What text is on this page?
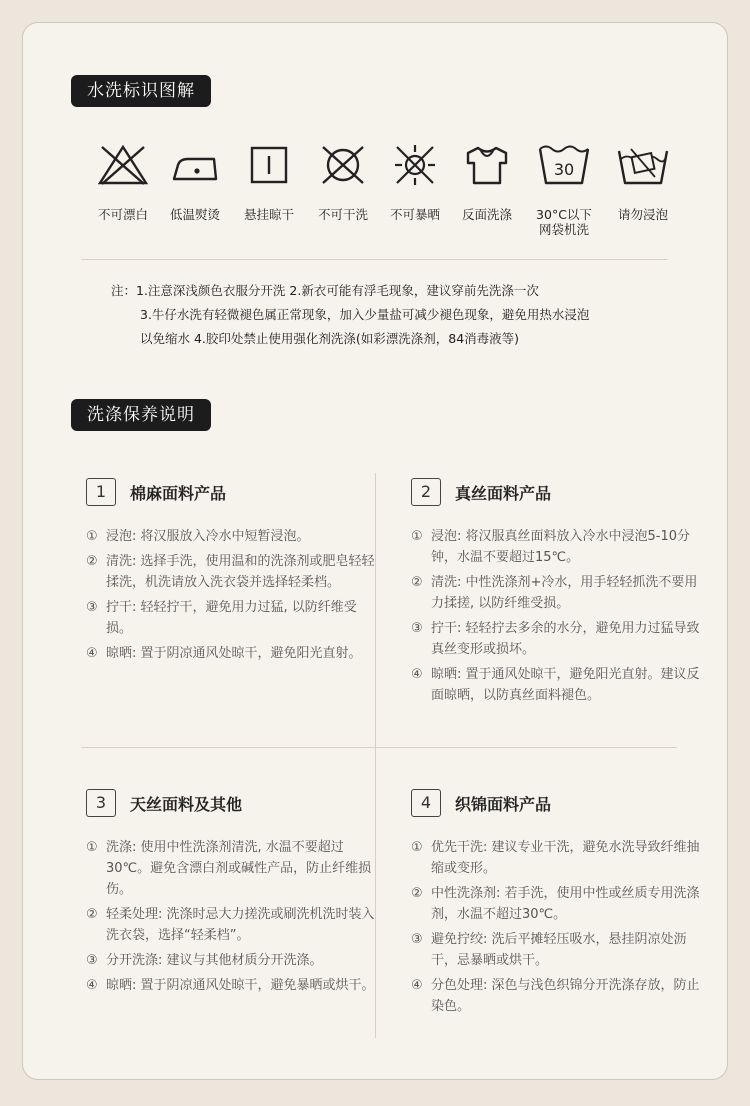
水洗标识图解
不可漂白	低温熨烫	悬挂晾干	不可干洗	不可暴晒	反面洗涤
30
30°C以下
网袋机洗
请勿浸泡
注：1.注意深浅颜色衣服分开洗 2.新衣可能有浮毛现象，建议穿前先洗涤一次
3.牛仔水洗有轻微褪色属正常现象，加入少量盐可减少褪色现象，避免用热水浸泡
以免缩水 4.胶印处禁止使用强化剂洗涤(如彩漂洗涤剂，84消毒液等)
洗涤保养说明
1 棉麻面料产品
① 浸泡: 将汉服放入冷水中短暂浸泡。
② 清洗: 选择手洗，使用温和的洗涤剂或肥皂轻轻揉洗，机洗请放入洗衣袋并选择轻柔档。
③ 拧干: 轻轻拧干，避免用力过猛, 以防纤维受损。
④ 晾晒: 置于阴凉通风处晾干，避免阳光直射。
2 真丝面料产品
① 浸泡: 将汉服真丝面料放入冷水中浸泡5-10分钟，水温不要超过15℃。
② 清洗: 中性洗涤剂+冷水，用手轻轻抓洗不要用力揉搓, 以防纤维受损。
③ 拧干: 轻轻拧去多余的水分，避免用力过猛导致真丝变形或损坏。
④ 晾晒: 置于通风处晾干，避免阳光直射。建议反面晾晒，以防真丝面料褪色。
3 天丝面料及其他
① 洗涤: 使用中性洗涤剂清洗, 水温不要超过30℃。避免含漂白剂或碱性产品，防止纤维损伤。
② 轻柔处理: 洗涤时忌大力搓洗或刷洗机洗时装入洗衣袋，选择“轻柔档”。
③ 分开洗涤: 建议与其他材质分开洗涤。
④ 晾晒: 置于阴凉通风处晾干，避免暴晒或烘干。
4 织锦面料产品
① 优先干洗: 建议专业干洗，避免水洗导致纤维抽缩或变形。
② 中性洗涤剂: 若手洗，使用中性或丝质专用洗涤剂，水温不超过30℃。
③ 避免拧绞: 洗后平摊轻压吸水，悬挂阴凉处沥干，忌暴晒或烘干。
④ 分色处理: 深色与浅色织锦分开洗涤存放，防止染色。
